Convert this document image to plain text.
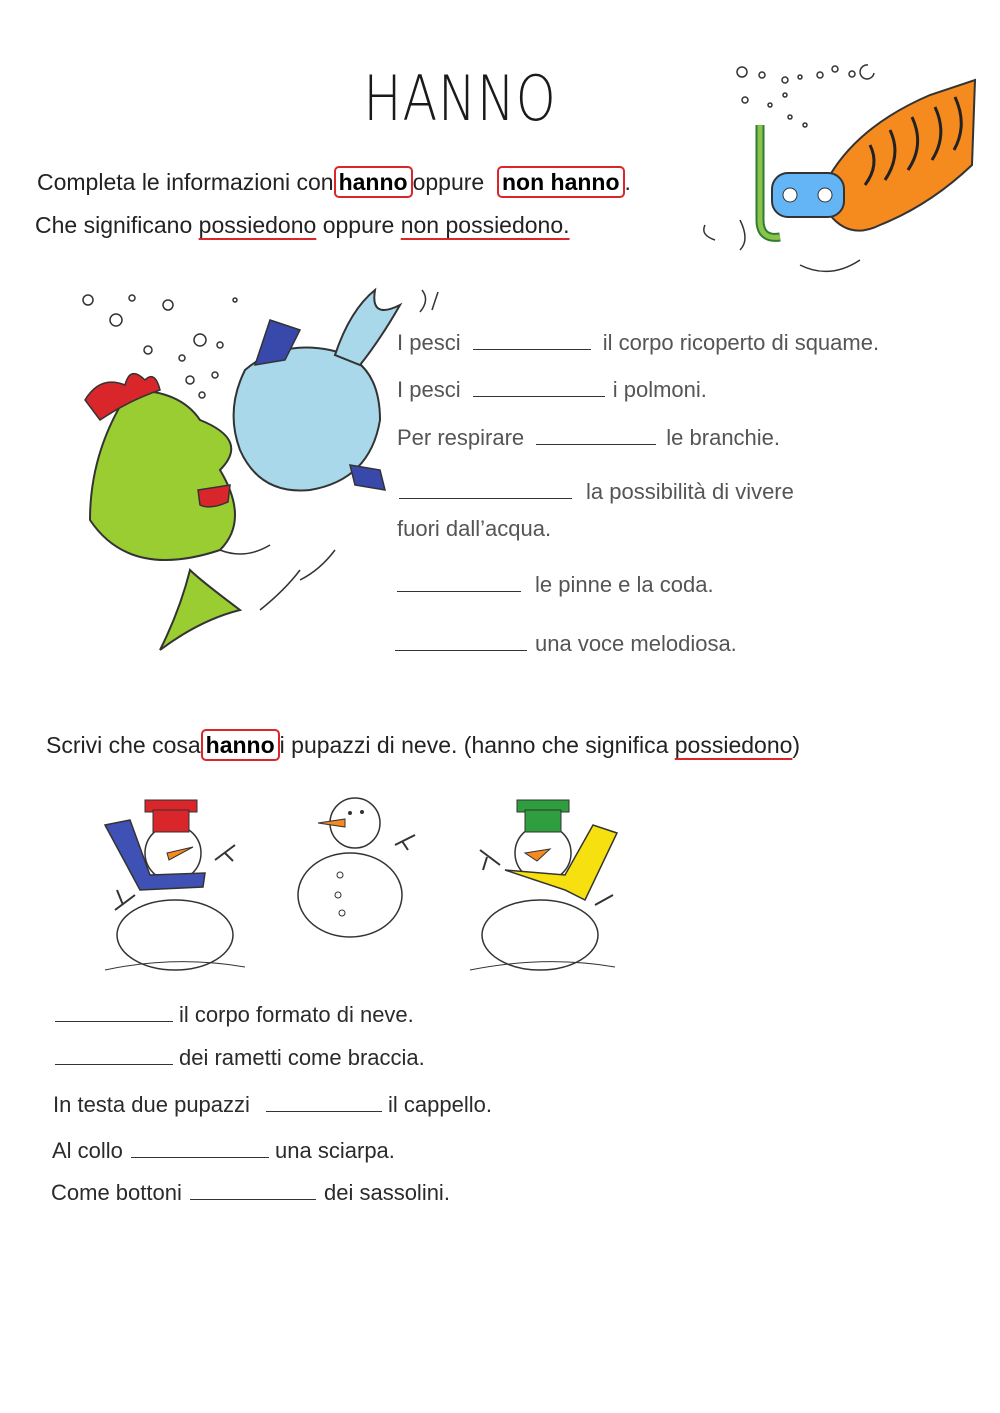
HANNO
Completa le informazioni con hanno oppure non hanno .
Che significano possiedono oppure non possiedono.
I pesci	il corpo ricoperto di squame.
I pesci	i polmoni.
Per respirare	le branchie.
la possibilità di vivere
fuori dall’acqua.
le pinne e la coda.
una voce melodiosa.
Scrivi che cosa hanno i pupazzi di neve. (hanno che significa possiedono)
il corpo formato di neve.
dei rametti come braccia.
In testa due pupazzi	il cappello.
Al collo	una sciarpa.
Come bottoni	dei sassolini.
